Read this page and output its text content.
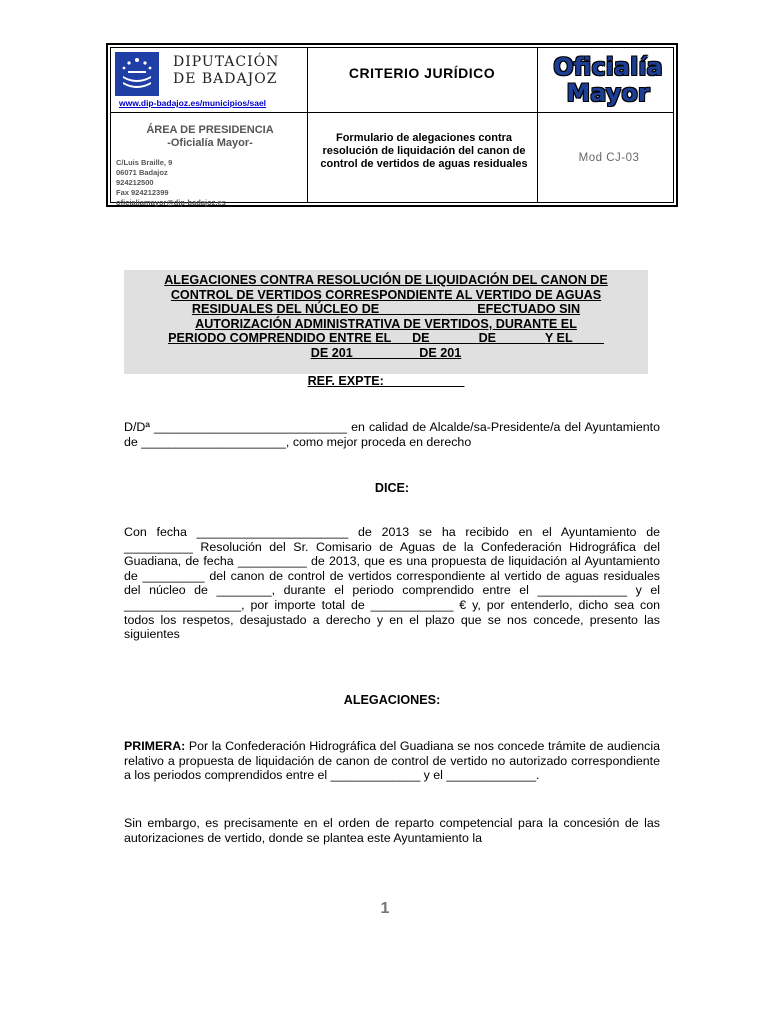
DIPUTACIÓN
DE BADAJOZ
www.dip-badajoz.es/municipios/sael
CRITERIO JURÍDICO	Oficialía
Mayor
ÁREA DE PRESIDENCIA
-Oficialía Mayor-
C/Luis Braille, 9
06071 Badajoz
924212500
Fax 924212399
oficialiamayor@dip-badajoz.es
Formulario de alegaciones contra resolución de liquidación del canon de control de vertidos de aguas residuales	Mod CJ-03
ALEGACIONES CONTRA RESOLUCIÓN DE LIQUIDACIÓN DEL CANON DE
CONTROL DE VERTIDOS CORRESPONDIENTE AL VERTIDO DE AGUAS
RESIDUALES DEL NÚCLEO DE _____________ EFECTUADO SIN
AUTORIZACIÓN ADMINISTRATIVA DE VERTIDOS, DURANTE EL
PERIODO COMPRENDIDO ENTRE EL __ DE ______ DE ______ Y EL ____
DE 201_________ DE 201
REF. EXPTE: ___________
D/Dª ____________________________ en calidad de Alcalde/sa-Presidente/a del Ayuntamiento de _____________________, como mejor proceda en derecho
DICE:
Con fecha ______________________ de 2013 se ha recibido en el Ayuntamiento de __________ Resolución del Sr. Comisario de Aguas de la Confederación Hidrográfica del Guadiana, de fecha __________ de 2013, que es una propuesta de liquidación al Ayuntamiento de _________ del canon de control de vertidos correspondiente al vertido de aguas residuales del núcleo de ________, durante el periodo comprendido entre el _____________ y el _________________, por importe total de ____________ € y, por entenderlo, dicho sea con todos los respetos, desajustado a derecho y en el plazo que se nos concede, presento las siguientes
ALEGACIONES:
PRIMERA: Por la Confederación Hidrográfica del Guadiana se nos concede trámite de audiencia relativo a propuesta de liquidación de canon de control de vertido no autorizado correspondiente a los periodos comprendidos entre el _____________ y el _____________.
Sin embargo, es precisamente en el orden de reparto competencial para la concesión de las autorizaciones de vertido, donde se plantea este Ayuntamiento la
1
